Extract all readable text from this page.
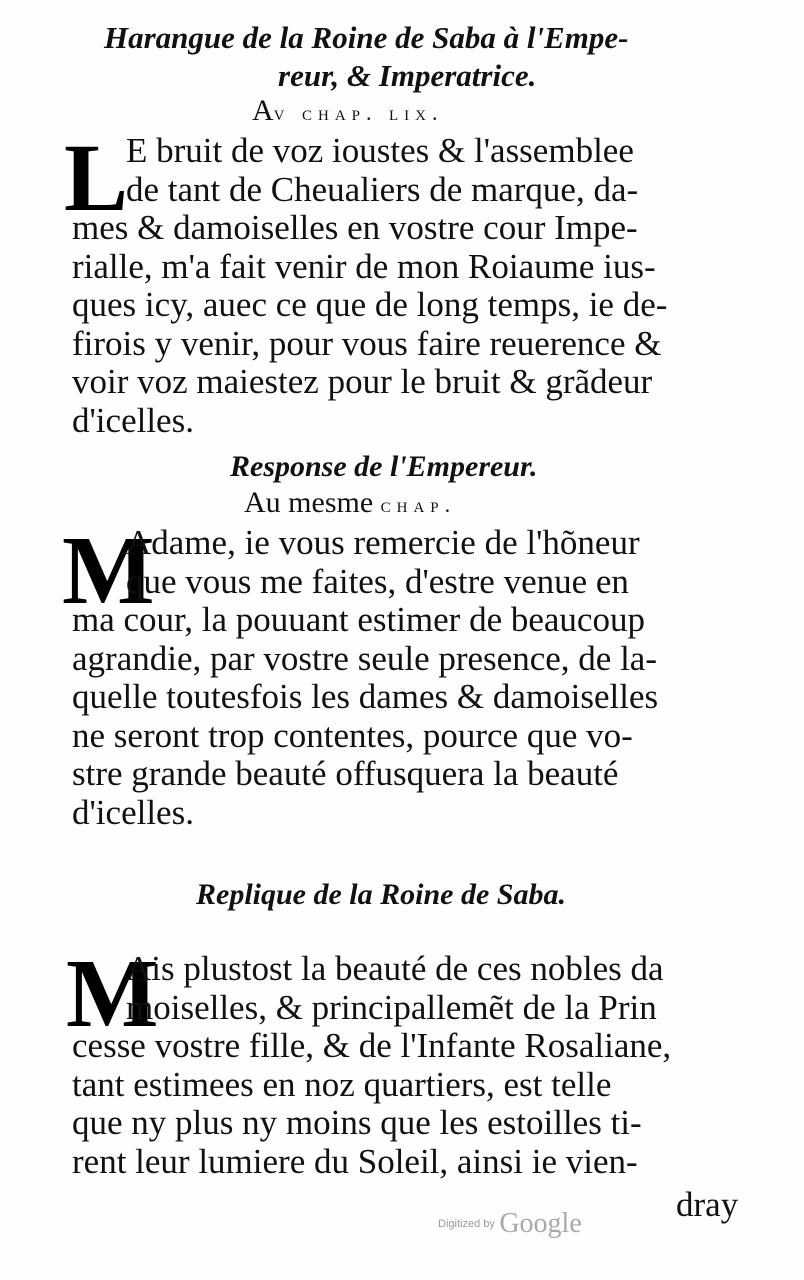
Harangue de la Roine de Saba à l'Empe-
reur, & Imperatrice.
Av chap. lix.
L
E bruit de voz ioustes & l'assemblee
de tant de Cheualiers de marque, da-
mes & damoiselles en vostre cour Impe-
rialle, m'a fait venir de mon Roiaume ius-
ques icy, auec ce que de long temps, ie de-
firois y venir, pour vous faire reuerence &
voir voz maiestez pour le bruit & grãdeur
d'icelles.
Response de l'Empereur.
Au mesme chap.
M
Adame, ie vous remercie de l'hõneur
que vous me faites, d'estre venue en
ma cour, la pouuant estimer de beaucoup
agrandie, par vostre seule presence, de la-
quelle toutesfois les dames & damoiselles
ne seront trop contentes, pource que vo-
stre grande beauté offusquera la beauté
d'icelles.
Replique de la Roine de Saba.
M
Ais plustost la beauté de ces nobles da
moiselles, & principallemẽt de la Prin
cesse vostre fille, & de l'Infante Rosaliane,
tant estimees en noz quartiers, est telle
que ny plus ny moins que les estoilles ti-
rent leur lumiere du Soleil, ainsi ie vien-
dray
Digitized by Google
